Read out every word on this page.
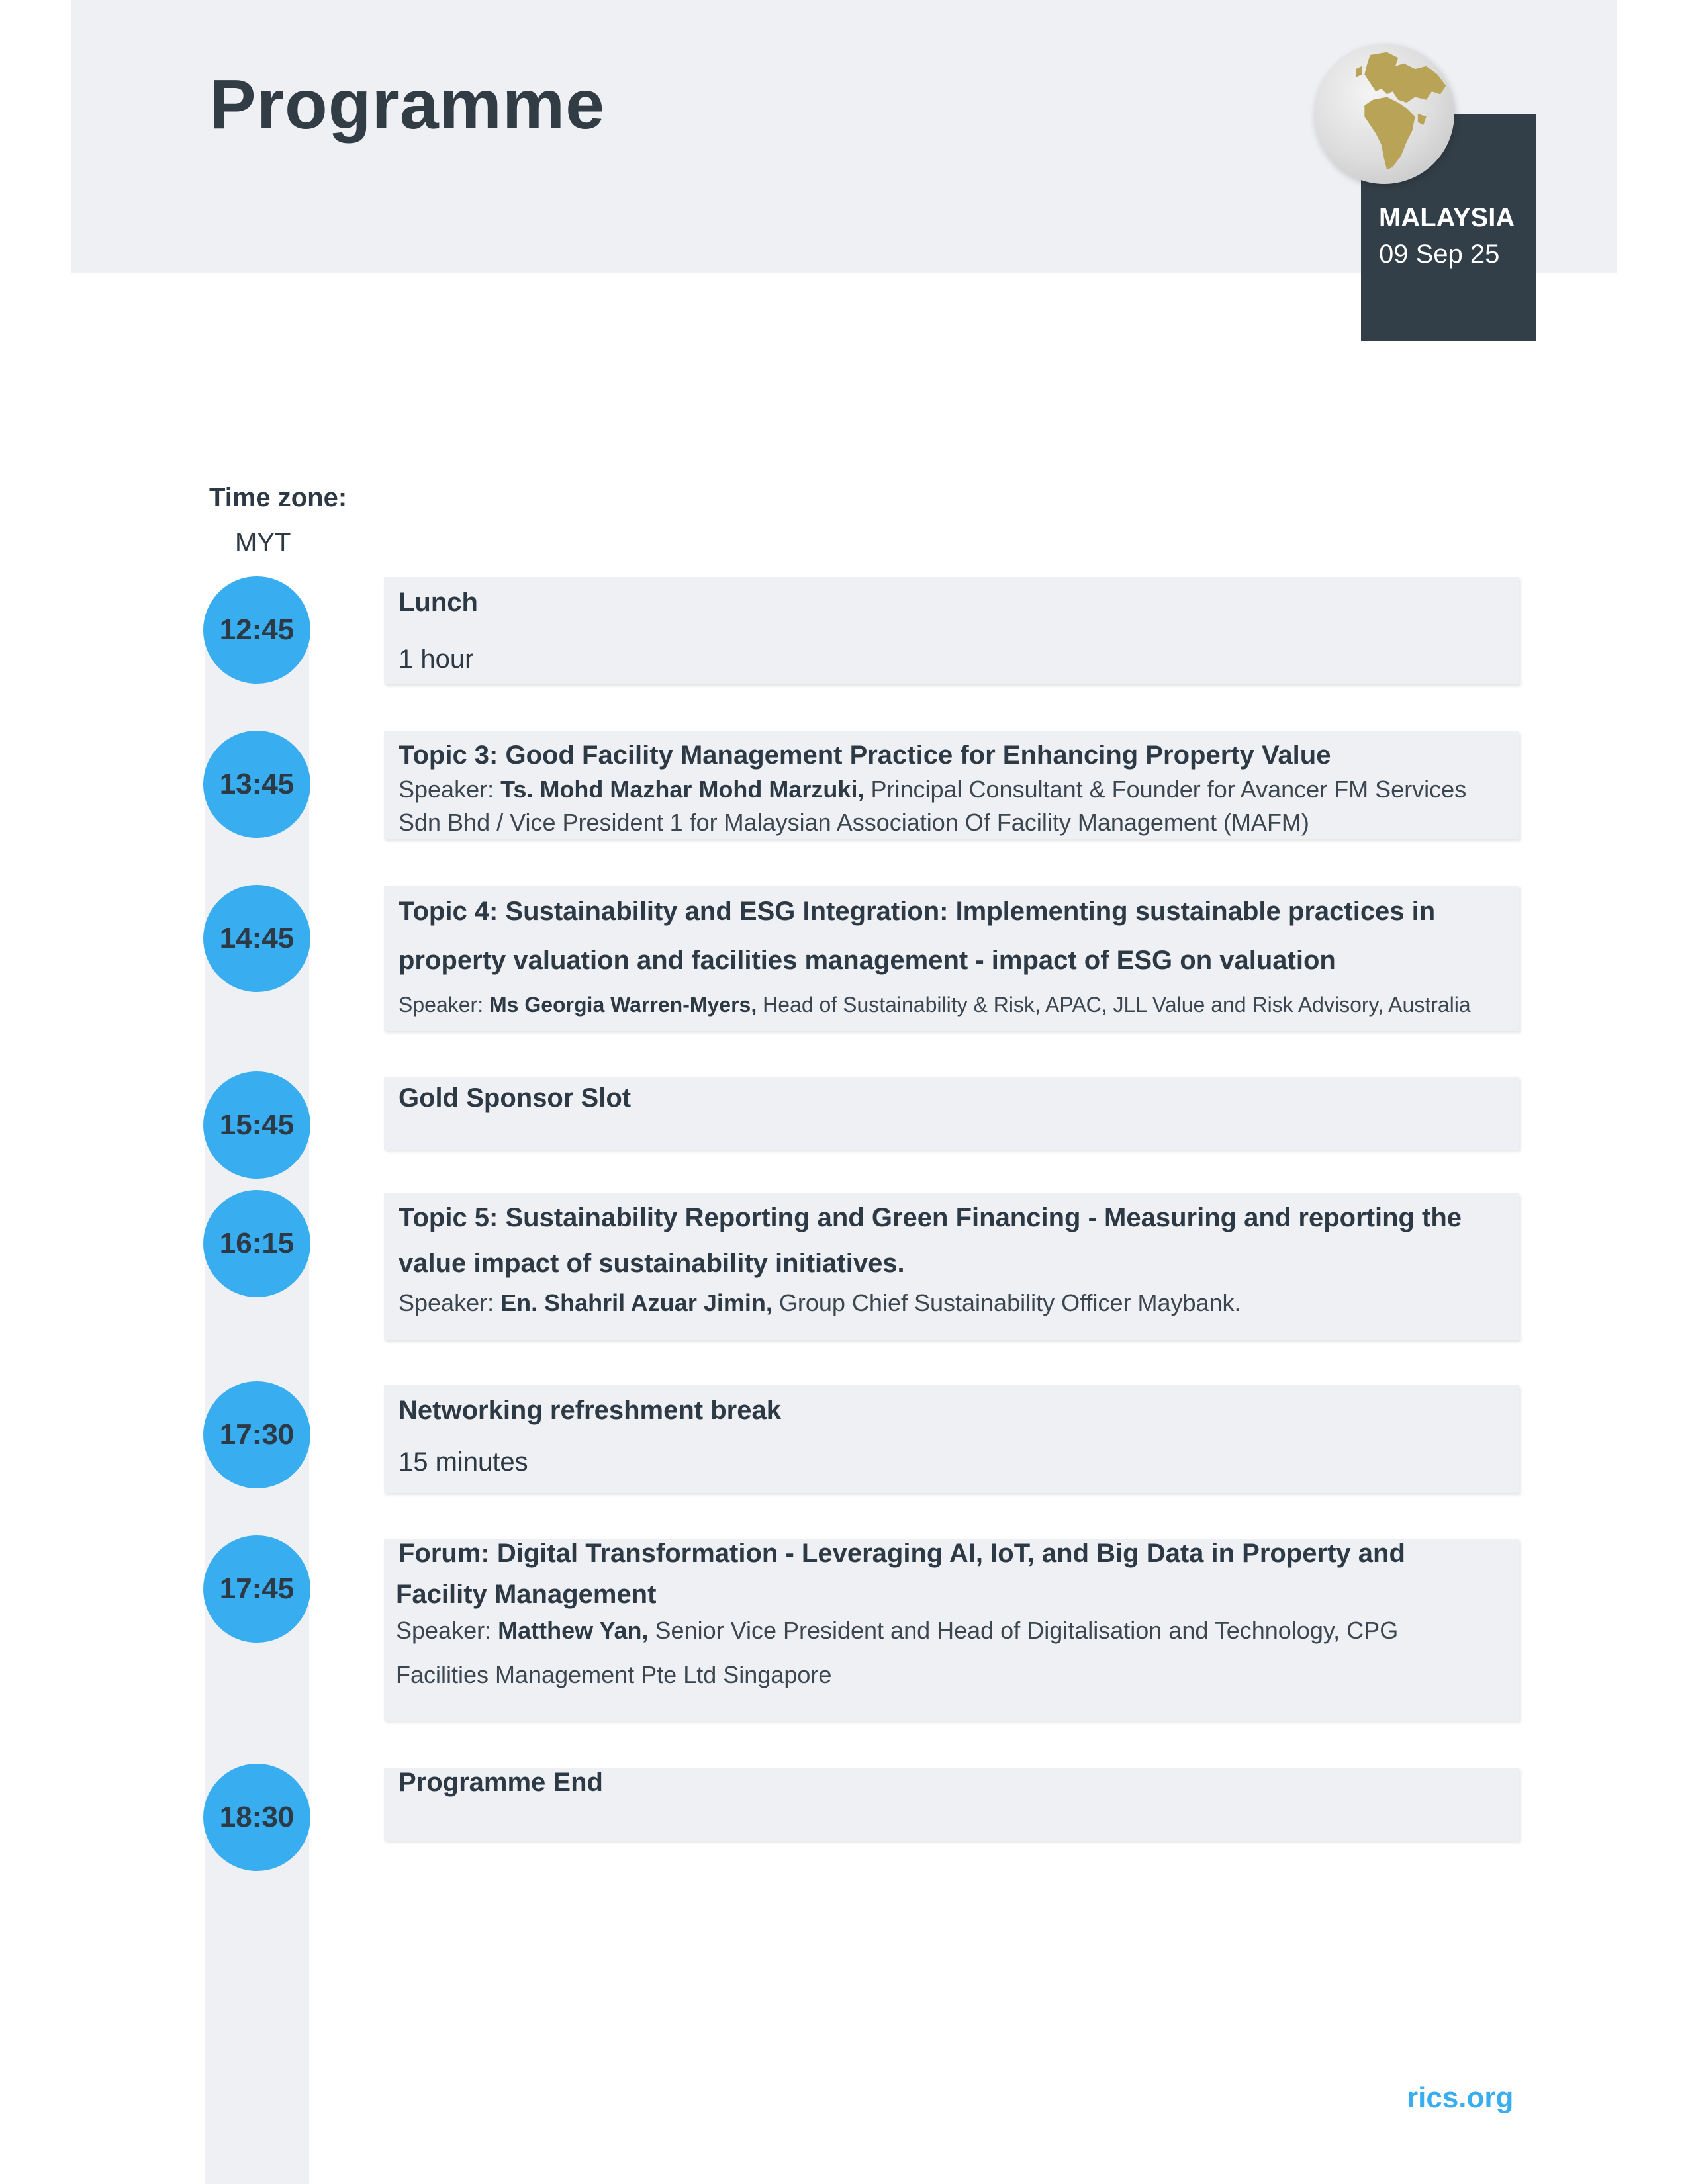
Programme
MALAYSIA
09 Sep 25
Time zone:
MYT
12:45
Lunch
1 hour
13:45
Topic 3: Good Facility Management Practice for Enhancing Property Value
Speaker: Ts. Mohd Mazhar Mohd Marzuki, Principal Consultant & Founder for Avancer FM Services
Sdn Bhd / Vice President 1 for Malaysian Association Of Facility Management (MAFM)
14:45
Topic 4: Sustainability and ESG Integration: Implementing sustainable practices in
property valuation and facilities management - impact of ESG on valuation
Speaker: Ms Georgia Warren-Myers, Head of Sustainability & Risk, APAC, JLL Value and Risk Advisory, Australia
15:45
Gold Sponsor Slot
16:15
Topic 5: Sustainability Reporting and Green Financing - Measuring and reporting the
value impact of sustainability initiatives.
Speaker: En. Shahril Azuar Jimin, Group Chief Sustainability Officer Maybank.
17:30
Networking refreshment break
15 minutes
17:45
Forum: Digital Transformation - Leveraging AI, IoT, and Big Data in Property and
Facility Management
Speaker: Matthew Yan, Senior Vice President and Head of Digitalisation and Technology, CPG
Facilities Management Pte Ltd Singapore
18:30
Programme End
rics.org
